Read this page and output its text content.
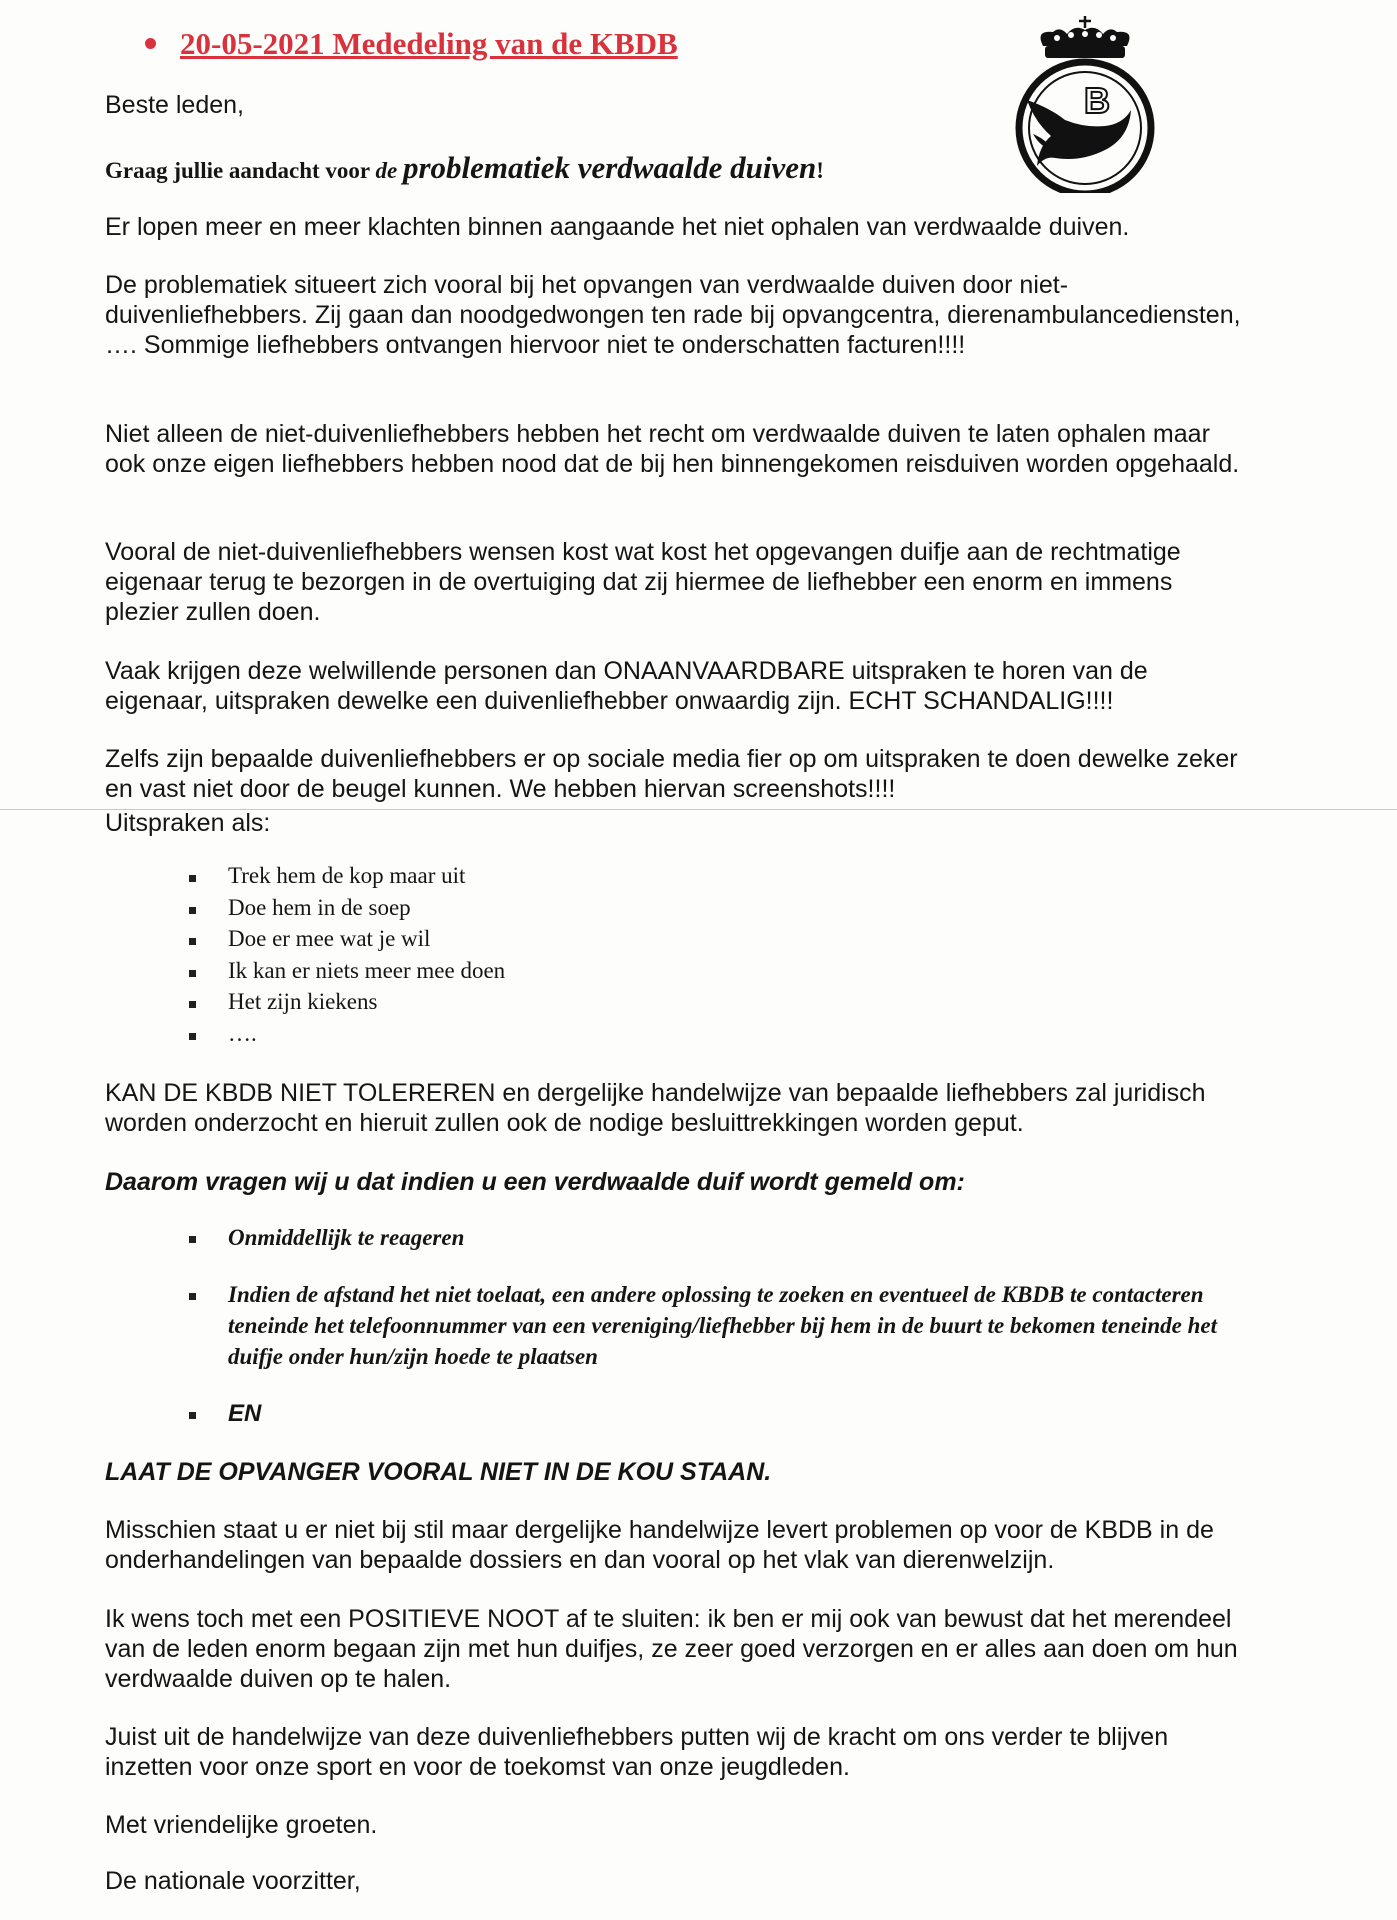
20-05-2021 Mededeling van de KBDB
B

Beste leden,

Graag jullie aandacht voor de problematiek verdwaalde duiven!

Er lopen meer en meer klachten binnen aangaande het niet ophalen van verdwaalde duiven.

De problematiek situeert zich vooral bij het opvangen van verdwaalde duiven door niet-duivenliefhebbers. Zij gaan dan noodgedwongen ten rade bij opvangcentra, dierenambulancediensten, …. Sommige liefhebbers ontvangen hiervoor niet te onderschatten facturen!!!!

Niet alleen de niet-duivenliefhebbers hebben het recht om verdwaalde duiven te laten ophalen maar ook onze eigen liefhebbers hebben nood dat de bij hen binnengekomen reisduiven worden opgehaald.

Vooral de niet-duivenliefhebbers wensen kost wat kost het opgevangen duifje aan de rechtmatige eigenaar terug te bezorgen in de overtuiging dat zij hiermee de liefhebber een enorm en immens plezier zullen doen.

Vaak krijgen deze welwillende personen dan ONAANVAARDBARE uitspraken te horen van de eigenaar, uitspraken dewelke een duivenliefhebber onwaardig zijn. ECHT SCHANDALIG!!!!

Zelfs zijn bepaalde duivenliefhebbers er op sociale media fier op om uitspraken te doen dewelke zeker en vast niet door de beugel kunnen. We hebben hiervan screenshots!!!!

Uitspraken als:

Trek hem de kop maar uit
Doe hem in de soep
Doe er mee wat je wil
Ik kan er niets meer mee doen
Het zijn kiekens
….

KAN DE KBDB NIET TOLEREREN en dergelijke handelwijze van bepaalde liefhebbers zal juridisch worden onderzocht en hieruit zullen ook de nodige besluittrekkingen worden geput.

Daarom vragen wij u dat indien u een verdwaalde duif wordt gemeld om:

Onmiddellijk te reageren
Indien de afstand het niet toelaat, een andere oplossing te zoeken en eventueel de KBDB te contacteren teneinde het telefoonnummer van een vereniging/liefhebber bij hem in de buurt te bekomen teneinde het duifje onder hun/zijn hoede te plaatsen
EN

LAAT DE OPVANGER VOORAL NIET IN DE KOU STAAN.

Misschien staat u er niet bij stil maar dergelijke handelwijze levert problemen op voor de KBDB in de onderhandelingen van bepaalde dossiers en dan vooral op het vlak van dierenwelzijn.

Ik wens toch met een POSITIEVE NOOT af te sluiten: ik ben er mij ook van bewust dat het merendeel van de leden enorm begaan zijn met hun duifjes, ze zeer goed verzorgen en er alles aan doen om hun verdwaalde duiven op te halen.

Juist uit de handelwijze van deze duivenliefhebbers putten wij de kracht om ons verder te blijven inzetten voor onze sport en voor de toekomst van onze jeugdleden.

Met vriendelijke groeten.

De nationale voorzitter,
